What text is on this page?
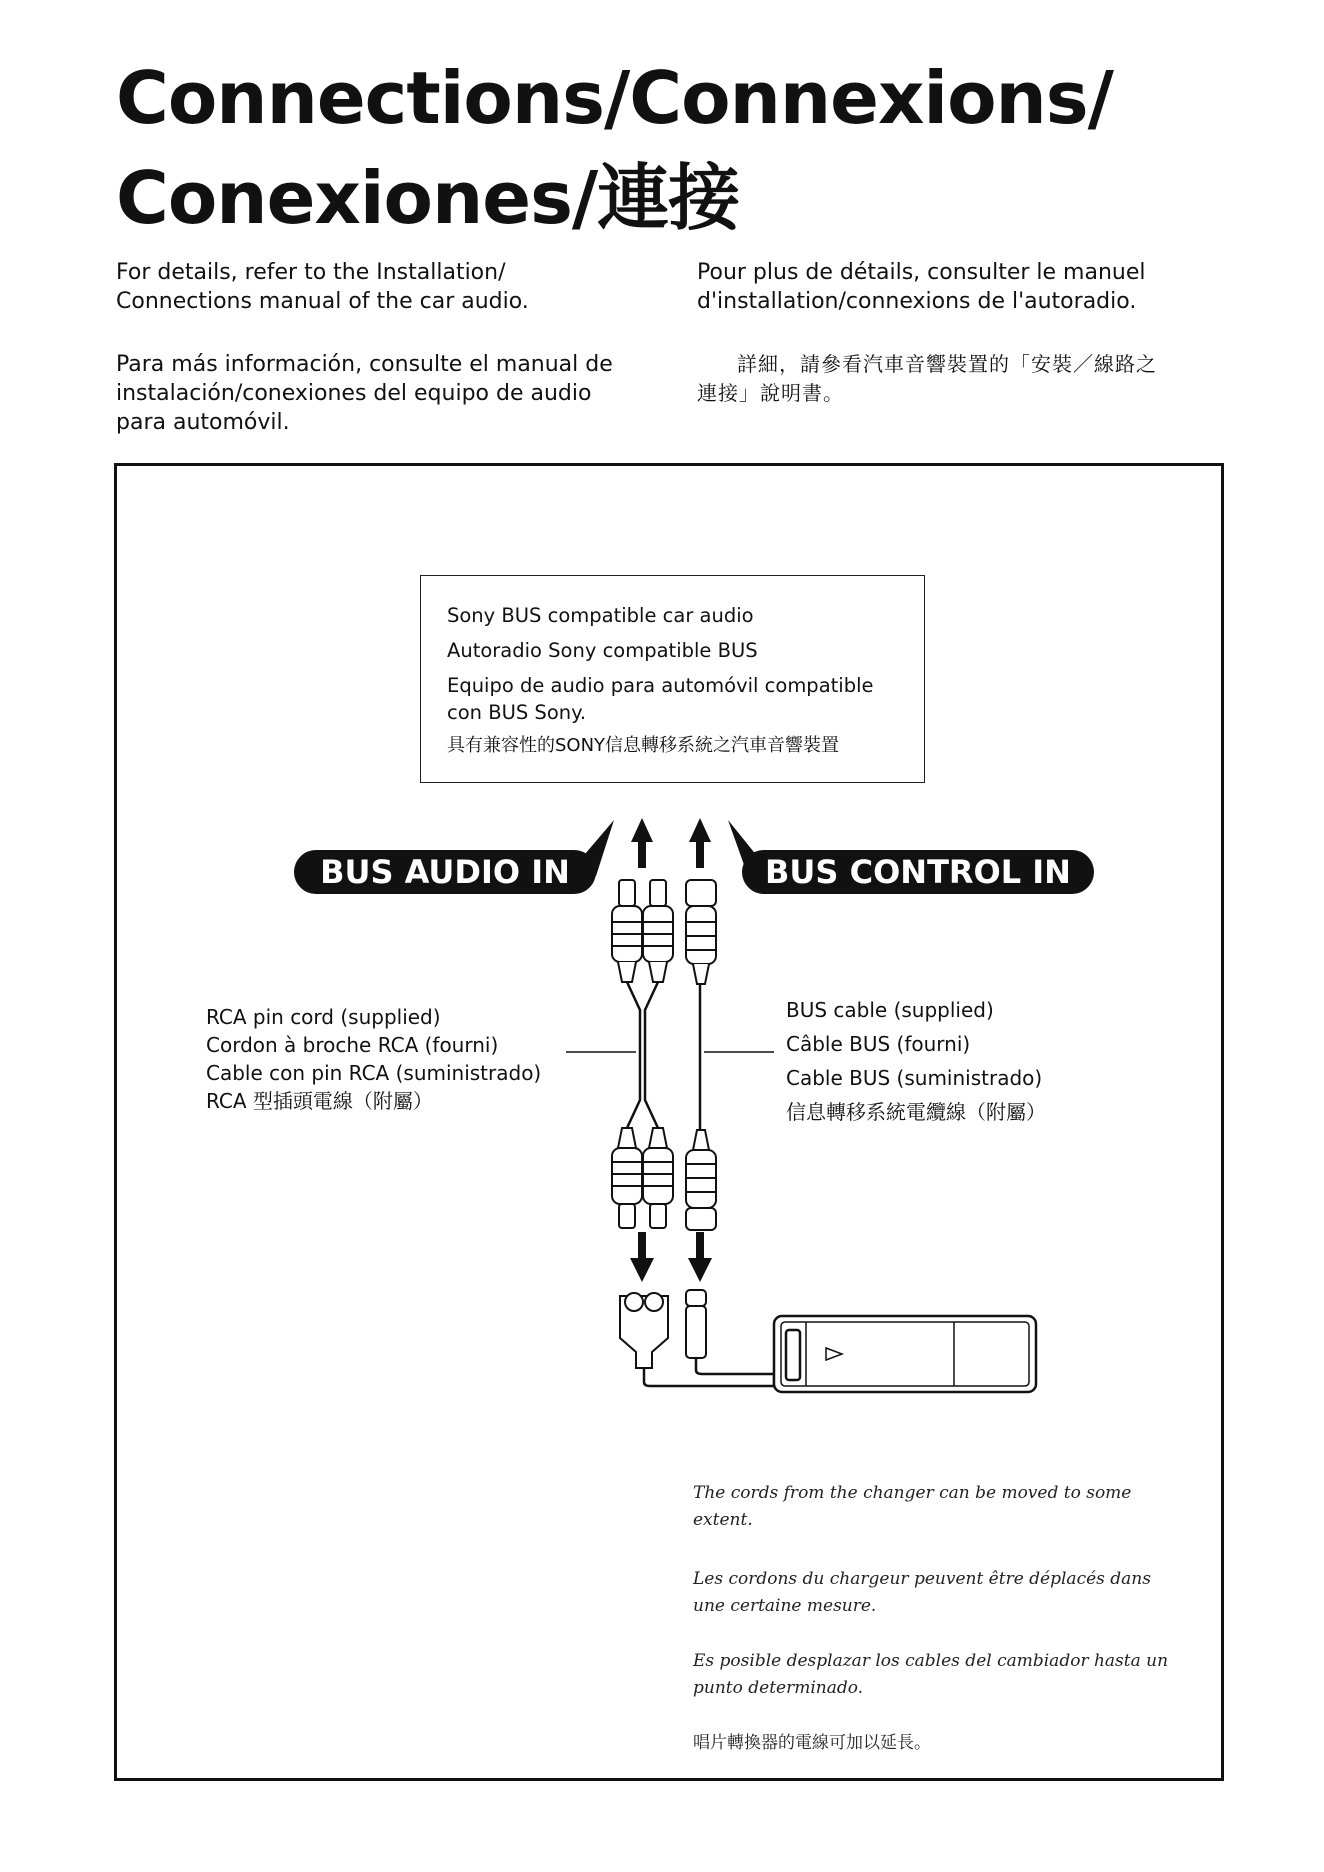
Connections/Connexions/
Conexiones/連接
For details, refer to the Installation/
Connections manual of the car audio.
Pour plus de détails, consulter le manuel
d'installation/connexions de l'autoradio.
Para más información, consulte el manual de
instalación/conexiones del equipo de audio
para automóvil.
詳細，請參看汽車音響裝置的「安裝／線路之
連接」說明書。
Sony BUS compatible car audio
Autoradio Sony compatible BUS
Equipo de audio para automóvil compatible
con BUS Sony.
具有兼容性的SONY信息轉移系統之汽車音響裝置
BUS AUDIO IN	BUS CONTROL IN
RCA pin cord (supplied)
Cordon à broche RCA (fourni)
Cable con pin RCA (suministrado)
RCA 型插頭電線（附屬）
BUS cable (supplied)
Câble BUS (fourni)
Cable BUS (suministrado)
信息轉移系統電纜線（附屬）
The cords from the changer can be moved to some
extent.
Les cordons du chargeur peuvent être déplacés dans
une certaine mesure.
Es posible desplazar los cables del cambiador hasta un
punto determinado.
唱片轉換器的電線可加以延長。
